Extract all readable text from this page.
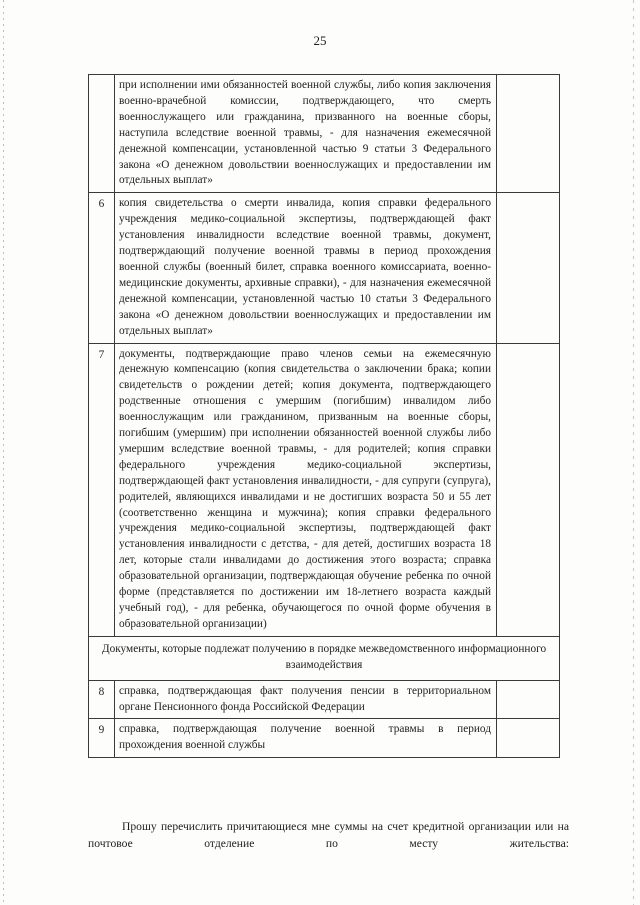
25
	при исполнении ими обязанностей военной службы, либо копия заключения военно-врачебной комиссии, подтверждающего, что смерть военнослужащего или гражданина, призванного на военные сборы, наступила вследствие военной травмы, - для назначения ежемесячной денежной компенсации, установленной частью 9 статьи 3 Федерального закона «О денежном довольствии военнослужащих и предоставлении им отдельных выплат»	
6	копия свидетельства о смерти инвалида, копия справки федерального учреждения медико-социальной экспертизы, подтверждающей факт установления инвалидности вследствие военной травмы, документ, подтверждающий получение военной травмы в период прохождения военной службы (военный билет, справка военного комиссариата, военно-медицинские документы, архивные справки), - для назначения ежемесячной денежной компенсации, установленной частью 10 статьи 3 Федерального закона «О денежном довольствии военнослужащих и предоставлении им отдельных выплат»	
7	документы, подтверждающие право членов семьи на ежемесячную денежную компенсацию (копия свидетельства о заключении брака; копии свидетельств о рождении детей; копия документа, подтверждающего родственные отношения с умершим (погибшим) инвалидом либо военнослужащим или гражданином, призванным на военные сборы, погибшим (умершим) при исполнении обязанностей военной службы либо умершим вследствие военной травмы, - для родителей; копия справки федерального учреждения медико-социальной экспертизы, подтверждающей факт установления инвалидности, - для супруги (супруга), родителей, являющихся инвалидами и не достигших возраста 50 и 55 лет (соответственно женщина и мужчина); копия справки федерального учреждения медико-социальной экспертизы, подтверждающей факт установления инвалидности с детства, - для детей, достигших возраста 18 лет, которые стали инвалидами до достижения этого возраста; справка образовательной организации, подтверждающая обучение ребенка по очной форме (представляется по достижении им 18-летнего возраста каждый учебный год), - для ребенка, обучающегося по очной форме обучения в образовательной организации)	
Документы, которые подлежат получению в порядке межведомственного информационного взаимодействия		
8	справка, подтверждающая факт получения пенсии в территориальном органе Пенсионного фонда Российской Федерации	
9	справка, подтверждающая получение военной травмы в период прохождения военной службы	
Прошу перечислить причитающиеся мне суммы на счет кредитной организации или на почтовое отделение по месту жительства:
